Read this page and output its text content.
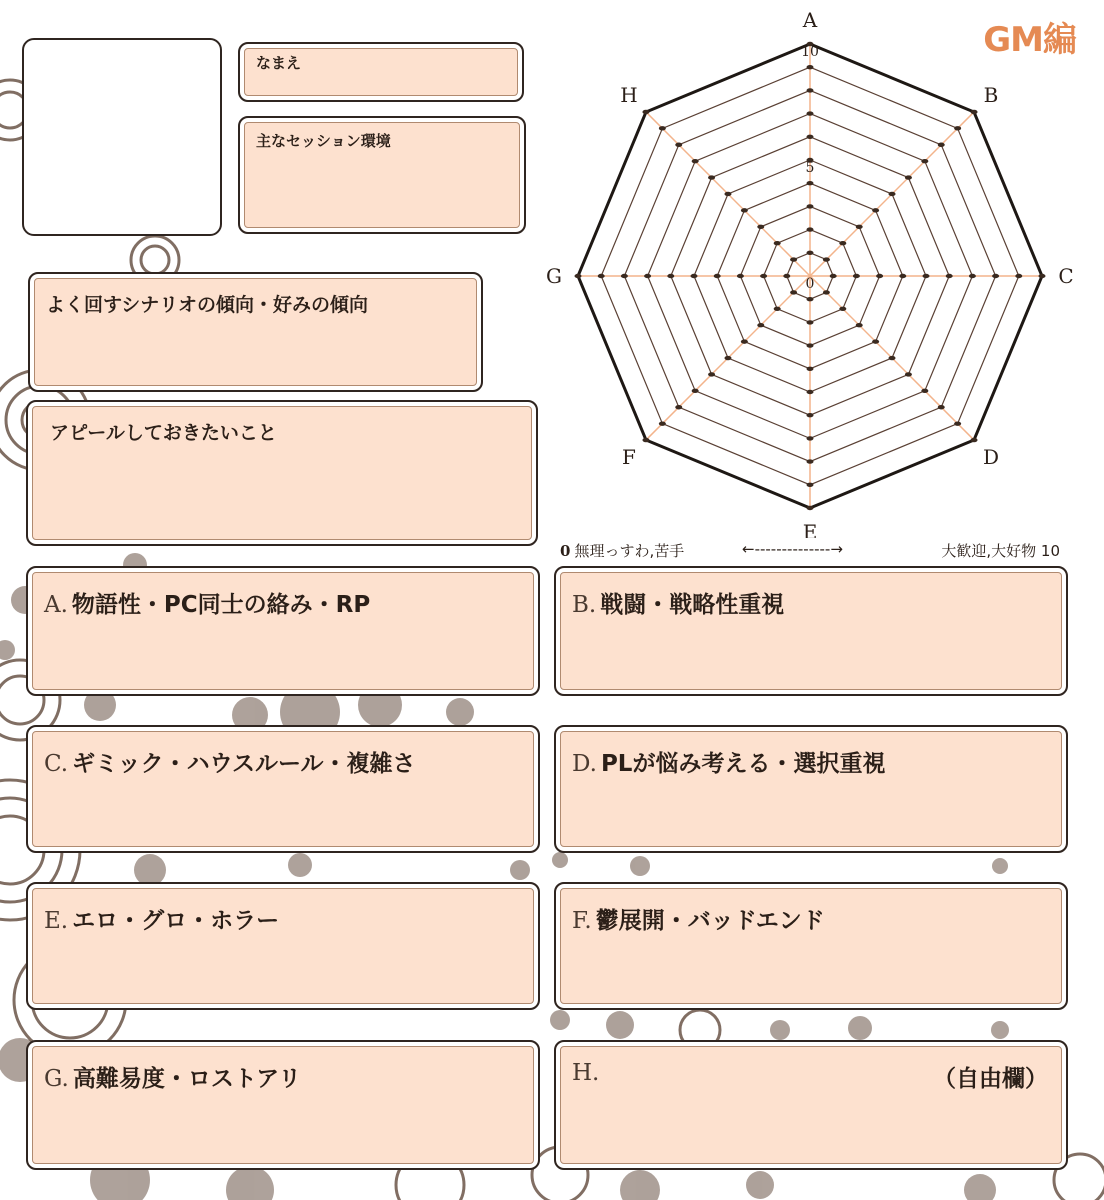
GM編
なまえ
主なセッション環境
よく回すシナリオの傾向・好みの傾向
アピールしておきたいこと
A
B
C
D
E
F
G
H
0
5
10
0 無理っすわ,苦手	←--------------→	大歓迎,大好物 10
A. 物語性・PC同士の絡み・RP	B. 戦闘・戦略性重視
C. ギミック・ハウスルール・複雑さ	D. PLが悩み考える・選択重視
E. エロ・グロ・ホラー	F. 鬱展開・バッドエンド
G. 高難易度・ロストアリ	H.	（自由欄）
